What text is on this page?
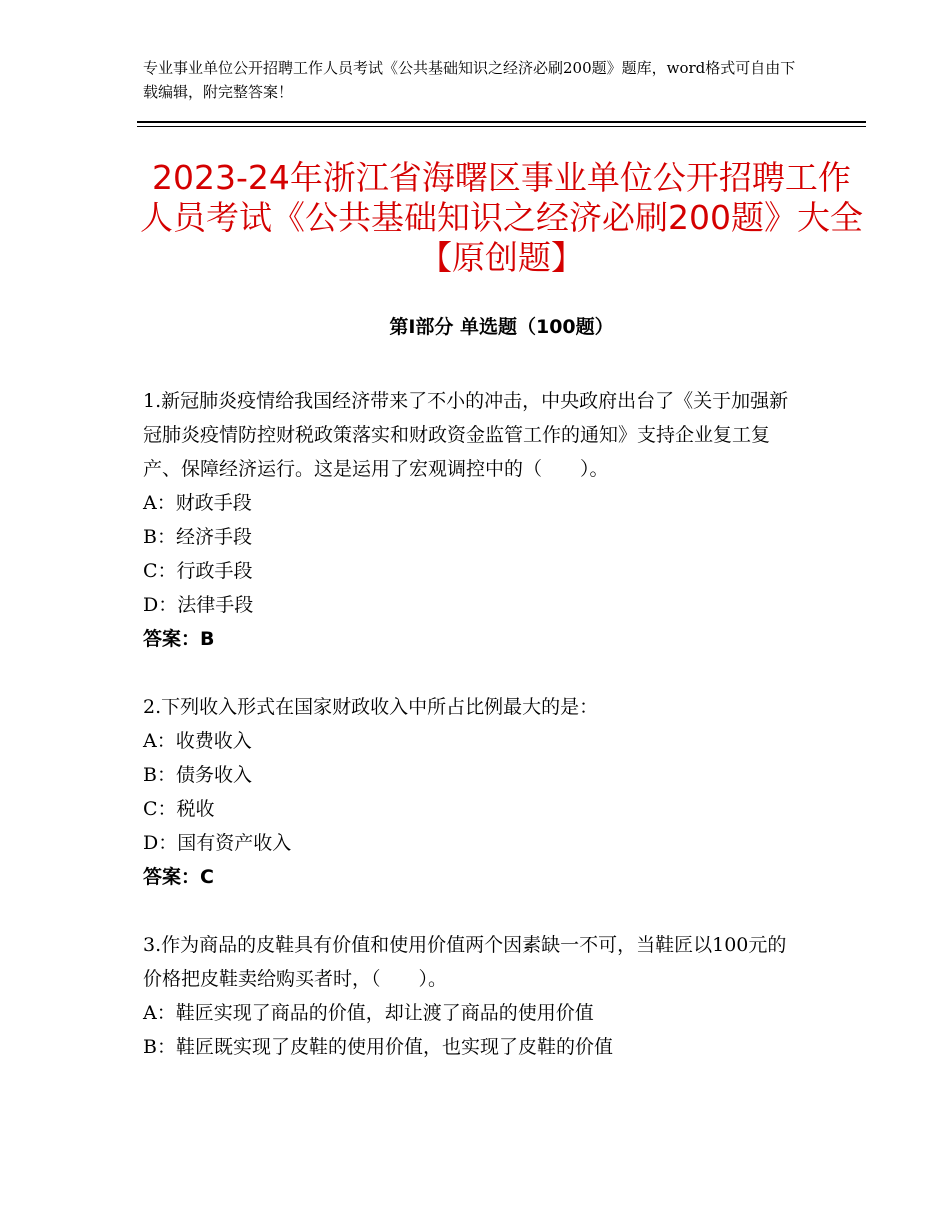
专业事业单位公开招聘工作人员考试《公共基础知识之经济必刷200题》题库，word格式可自由下载编辑，附完整答案！
2023-24年浙江省海曙区事业单位公开招聘工作人员考试《公共基础知识之经济必刷200题》大全【原创题】
第Ⅰ部分 单选题（100题）

1.新冠肺炎疫情给我国经济带来了不小的冲击，中央政府出台了《关于加强新冠肺炎疫情防控财税政策落实和财政资金监管工作的通知》支持企业复工复产、保障经济运行。这是运用了宏观调控中的（　　）。

A：财政手段

B：经济手段

C：行政手段

D：法律手段

答案：B

2.下列收入形式在国家财政收入中所占比例最大的是：

A：收费收入

B：债务收入

C：税收

D：国有资产收入

答案：C

3.作为商品的皮鞋具有价值和使用价值两个因素缺一不可，当鞋匠以100元的价格把皮鞋卖给购买者时，（　　）。

A：鞋匠实现了商品的价值，却让渡了商品的使用价值

B：鞋匠既实现了皮鞋的使用价值，也实现了皮鞋的价值
